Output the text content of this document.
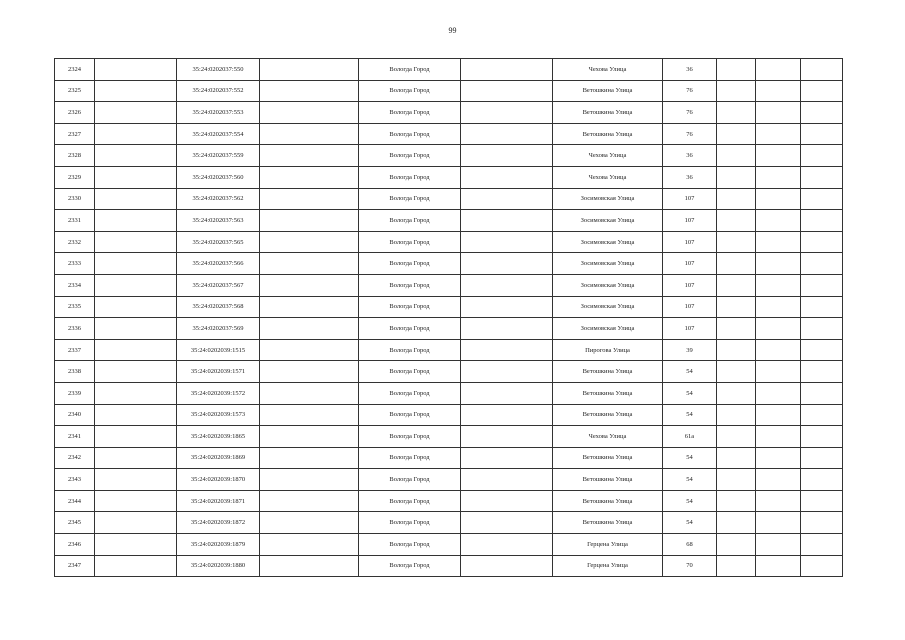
99
2324		35:24:0202037:550		Вологда Город		Чехова Улица	36			
2325		35:24:0202037:552		Вологда Город		Ветошкина Улица	76			
2326		35:24:0202037:553		Вологда Город		Ветошкина Улица	76			
2327		35:24:0202037:554		Вологда Город		Ветошкина Улица	76			
2328		35:24:0202037:559		Вологда Город		Чехова Улица	36			
2329		35:24:0202037:560		Вологда Город		Чехова Улица	36			
2330		35:24:0202037:562		Вологда Город		Зосимовская Улица	107			
2331		35:24:0202037:563		Вологда Город		Зосимовская Улица	107			
2332		35:24:0202037:565		Вологда Город		Зосимовская Улица	107			
2333		35:24:0202037:566		Вологда Город		Зосимовская Улица	107			
2334		35:24:0202037:567		Вологда Город		Зосимовская Улица	107			
2335		35:24:0202037:568		Вологда Город		Зосимовская Улица	107			
2336		35:24:0202037:569		Вологда Город		Зосимовская Улица	107			
2337		35:24:0202039:1515		Вологда Город		Пирогова Улица	39			
2338		35:24:0202039:1571		Вологда Город		Ветошкина Улица	54			
2339		35:24:0202039:1572		Вологда Город		Ветошкина Улица	54			
2340		35:24:0202039:1573		Вологда Город		Ветошкина Улица	54			
2341		35:24:0202039:1865		Вологда Город		Чехова Улица	61а			
2342		35:24:0202039:1869		Вологда Город		Ветошкина Улица	54			
2343		35:24:0202039:1870		Вологда Город		Ветошкина Улица	54			
2344		35:24:0202039:1871		Вологда Город		Ветошкина Улица	54			
2345		35:24:0202039:1872		Вологда Город		Ветошкина Улица	54			
2346		35:24:0202039:1879		Вологда Город		Герцена Улица	68			
2347		35:24:0202039:1880		Вологда Город		Герцена Улица	70			
